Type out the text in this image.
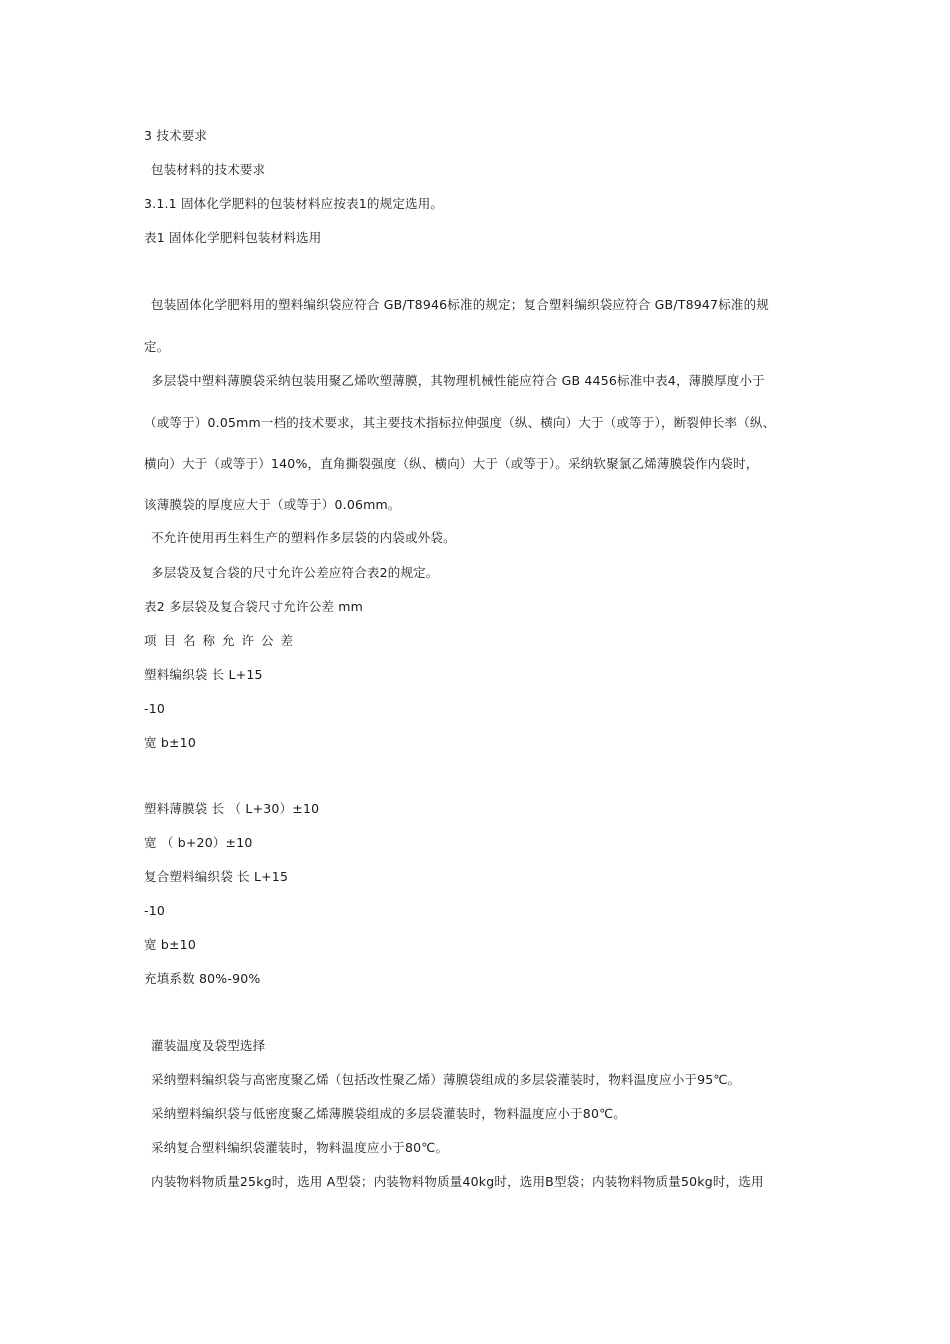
3 技术要求
包装材料的技术要求
3.1.1 固体化学肥料的包装材料应按表1的规定选用。
表1 固体化学肥料包装材料选用
包装固体化学肥料用的塑料编织袋应符合 GB/T8946标准的规定；复合塑料编织袋应符合 GB/T8947标准的规
定。
多层袋中塑料薄膜袋采纳包装用聚乙烯吹塑薄膜，其物理机械性能应符合 GB 4456标准中表4，薄膜厚度小于
（或等于）0.05mm一档的技术要求，其主要技术指标拉伸强度（纵、横向）大于（或等于），断裂伸长率（纵、
横向）大于（或等于）140%，直角撕裂强度（纵、横向）大于（或等于）。采纳软聚氯乙烯薄膜袋作内袋时，
该薄膜袋的厚度应大于（或等于）0.06mm。
不允许使用再生料生产的塑料作多层袋的内袋或外袋。
多层袋及复合袋的尺寸允许公差应符合表2的规定。
表2 多层袋及复合袋尺寸允许公差 mm
项目名称允许公差
塑料编织袋 长 L+15
-10
宽 b±10
塑料薄膜袋 长 （ L+30）±10
宽 （ b+20）±10
复合塑料编织袋 长 L+15
-10
宽 b±10
充填系数 80%-90%
灌装温度及袋型选择
采纳塑料编织袋与高密度聚乙烯（包括改性聚乙烯）薄膜袋组成的多层袋灌装时，物料温度应小于95℃。
采纳塑料编织袋与低密度聚乙烯薄膜袋组成的多层袋灌装时，物料温度应小于80℃。
采纳复合塑料编织袋灌装时，物料温度应小于80℃。
内装物料物质量25kg时，选用 A型袋；内装物料物质量40kg时，选用B型袋；内装物料物质量50kg时，选用
